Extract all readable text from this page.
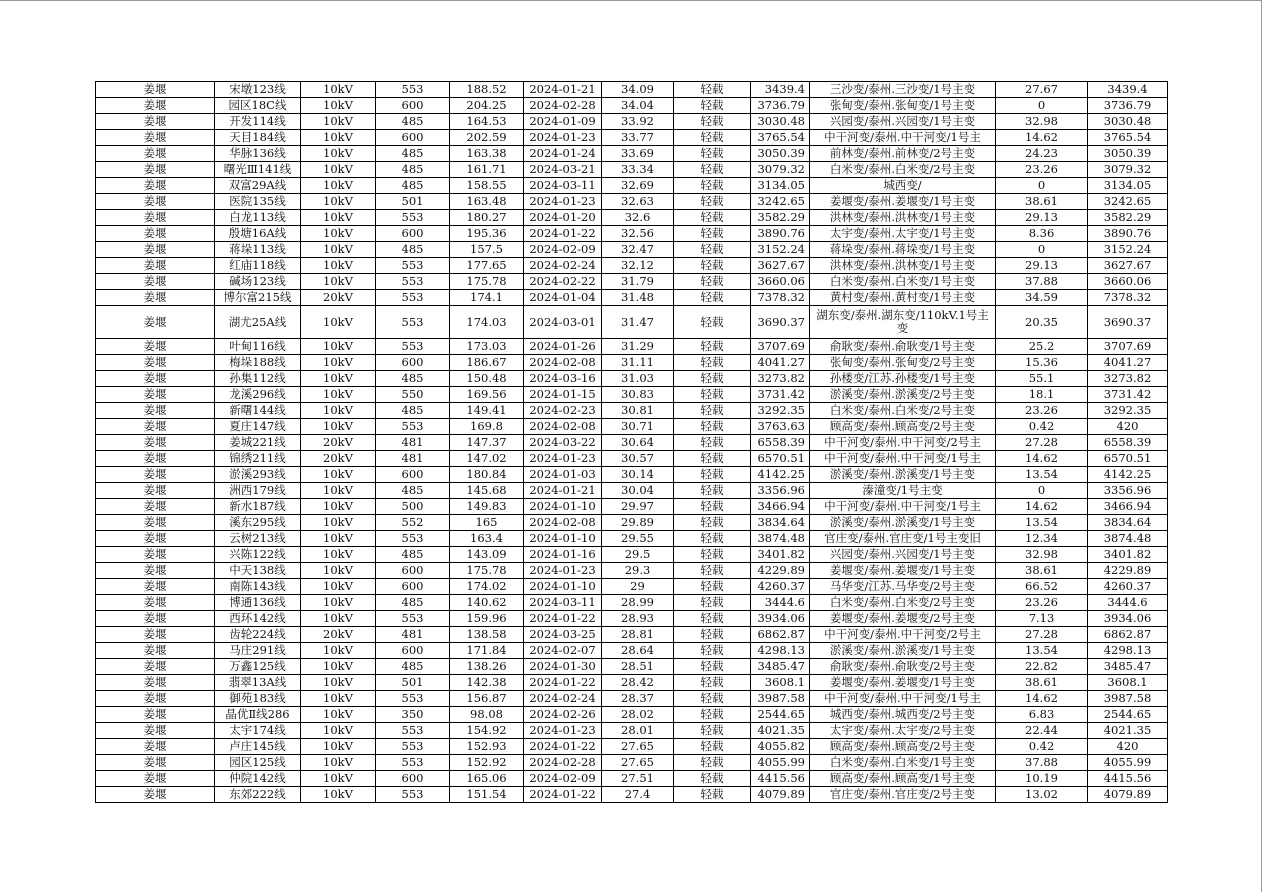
姜堰	宋墩123线	10kV	553	188.52	2024-01-21	34.09	轻载	3439.4	三沙变/泰州.三沙变/1号主变	27.67	3439.4
姜堰	园区18C线	10kV	600	204.25	2024-02-28	34.04	轻载	3736.79	张甸变/泰州.张甸变/1号主变	0	3736.79
姜堰	开发114线	10kV	485	164.53	2024-01-09	33.92	轻载	3030.48	兴园变/泰州.兴园变/1号主变	32.98	3030.48
姜堰	天目184线	10kV	600	202.59	2024-01-23	33.77	轻载	3765.54	中干河变/泰州.中干河变/1号主	14.62	3765.54
姜堰	华脉136线	10kV	485	163.38	2024-01-24	33.69	轻载	3050.39	前林变/泰州.前林变/2号主变	24.23	3050.39
姜堰	曙光Ⅲ141线	10kV	485	161.71	2024-03-21	33.34	轻载	3079.32	白米变/泰州.白米变/2号主变	23.26	3079.32
姜堰	双富29A线	10kV	485	158.55	2024-03-11	32.69	轻载	3134.05	城西变/	0	3134.05
姜堰	医院135线	10kV	501	163.48	2024-01-23	32.63	轻载	3242.65	姜堰变/泰州.姜堰变/1号主变	38.61	3242.65
姜堰	白龙113线	10kV	553	180.27	2024-01-20	32.6	轻载	3582.29	洪林变/泰州.洪林变/1号主变	29.13	3582.29
姜堰	殷塘16A线	10kV	600	195.36	2024-01-22	32.56	轻载	3890.76	太宇变/泰州.太宇变/1号主变	8.36	3890.76
姜堰	蒋垛113线	10kV	485	157.5	2024-02-09	32.47	轻载	3152.24	蒋垛变/泰州.蒋垛变/1号主变	0	3152.24
姜堰	红庙118线	10kV	553	177.65	2024-02-24	32.12	轻载	3627.67	洪林变/泰州.洪林变/1号主变	29.13	3627.67
姜堰	碱场123线	10kV	553	175.78	2024-02-22	31.79	轻载	3660.06	白米变/泰州.白米变/1号主变	37.88	3660.06
姜堰	博尔富215线	20kV	553	174.1	2024-01-04	31.48	轻载	7378.32	黄村变/泰州.黄村变/1号主变	34.59	7378.32
姜堰	湖尤25A线	10kV	553	174.03	2024-03-01	31.47	轻载	3690.37	湖东变/泰州.湖东变/110kV.1号主变	20.35	3690.37
姜堰	叶甸116线	10kV	553	173.03	2024-01-26	31.29	轻载	3707.69	俞耿变/泰州.俞耿变/1号主变	25.2	3707.69
姜堰	梅垛188线	10kV	600	186.67	2024-02-08	31.11	轻载	4041.27	张甸变/泰州.张甸变/2号主变	15.36	4041.27
姜堰	孙集112线	10kV	485	150.48	2024-03-16	31.03	轻载	3273.82	孙楼变/江苏.孙楼变/1号主变	55.1	3273.82
姜堰	龙溪296线	10kV	550	169.56	2024-01-15	30.83	轻载	3731.42	淤溪变/泰州.淤溪变/2号主变	18.1	3731.42
姜堰	新曙144线	10kV	485	149.41	2024-02-23	30.81	轻载	3292.35	白米变/泰州.白米变/2号主变	23.26	3292.35
姜堰	夏庄147线	10kV	553	169.8	2024-02-08	30.71	轻载	3763.63	顾高变/泰州.顾高变/2号主变	0.42	420
姜堰	姜城221线	20kV	481	147.37	2024-03-22	30.64	轻载	6558.39	中干河变/泰州.中干河变/2号主	27.28	6558.39
姜堰	锦绣211线	20kV	481	147.02	2024-01-23	30.57	轻载	6570.51	中干河变/泰州.中干河变/1号主	14.62	6570.51
姜堰	淤溪293线	10kV	600	180.84	2024-01-03	30.14	轻载	4142.25	淤溪变/泰州.淤溪变/1号主变	13.54	4142.25
姜堰	洲西179线	10kV	485	145.68	2024-01-21	30.04	轻载	3356.96	溱潼变/1号主变	0	3356.96
姜堰	新水187线	10kV	500	149.83	2024-01-10	29.97	轻载	3466.94	中干河变/泰州.中干河变/1号主	14.62	3466.94
姜堰	溪东295线	10kV	552	165	2024-02-08	29.89	轻载	3834.64	淤溪变/泰州.淤溪变/1号主变	13.54	3834.64
姜堰	云树213线	10kV	553	163.4	2024-01-10	29.55	轻载	3874.48	官庄变/泰州.官庄变/1号主变旧	12.34	3874.48
姜堰	兴陈122线	10kV	485	143.09	2024-01-16	29.5	轻载	3401.82	兴园变/泰州.兴园变/1号主变	32.98	3401.82
姜堰	中天138线	10kV	600	175.78	2024-01-23	29.3	轻载	4229.89	姜堰变/泰州.姜堰变/1号主变	38.61	4229.89
姜堰	南陈143线	10kV	600	174.02	2024-01-10	29	轻载	4260.37	马华变/江苏.马华变/2号主变	66.52	4260.37
姜堰	博通136线	10kV	485	140.62	2024-03-11	28.99	轻载	3444.6	白米变/泰州.白米变/2号主变	23.26	3444.6
姜堰	西环142线	10kV	553	159.96	2024-01-22	28.93	轻载	3934.06	姜堰变/泰州.姜堰变/2号主变	7.13	3934.06
姜堰	齿轮224线	20kV	481	138.58	2024-03-25	28.81	轻载	6862.87	中干河变/泰州.中干河变/2号主	27.28	6862.87
姜堰	马庄291线	10kV	600	171.84	2024-02-07	28.64	轻载	4298.13	淤溪变/泰州.淤溪变/1号主变	13.54	4298.13
姜堰	万鑫125线	10kV	485	138.26	2024-01-30	28.51	轻载	3485.47	俞耿变/泰州.俞耿变/2号主变	22.82	3485.47
姜堰	翡翠13A线	10kV	501	142.38	2024-01-22	28.42	轻载	3608.1	姜堰变/泰州.姜堰变/1号主变	38.61	3608.1
姜堰	御苑183线	10kV	553	156.87	2024-02-24	28.37	轻载	3987.58	中干河变/泰州.中干河变/1号主	14.62	3987.58
姜堰	晶优Ⅱ线286	10kV	350	98.08	2024-02-26	28.02	轻载	2544.65	城西变/泰州.城西变/2号主变	6.83	2544.65
姜堰	太宇174线	10kV	553	154.92	2024-01-23	28.01	轻载	4021.35	太宇变/泰州.太宇变/2号主变	22.44	4021.35
姜堰	卢庄145线	10kV	553	152.93	2024-01-22	27.65	轻载	4055.82	顾高变/泰州.顾高变/2号主变	0.42	420
姜堰	园区125线	10kV	553	152.92	2024-02-28	27.65	轻载	4055.99	白米变/泰州.白米变/1号主变	37.88	4055.99
姜堰	仲院142线	10kV	600	165.06	2024-02-09	27.51	轻载	4415.56	顾高变/泰州.顾高变/1号主变	10.19	4415.56
姜堰	东郊222线	10kV	553	151.54	2024-01-22	27.4	轻载	4079.89	官庄变/泰州.官庄变/2号主变	13.02	4079.89
